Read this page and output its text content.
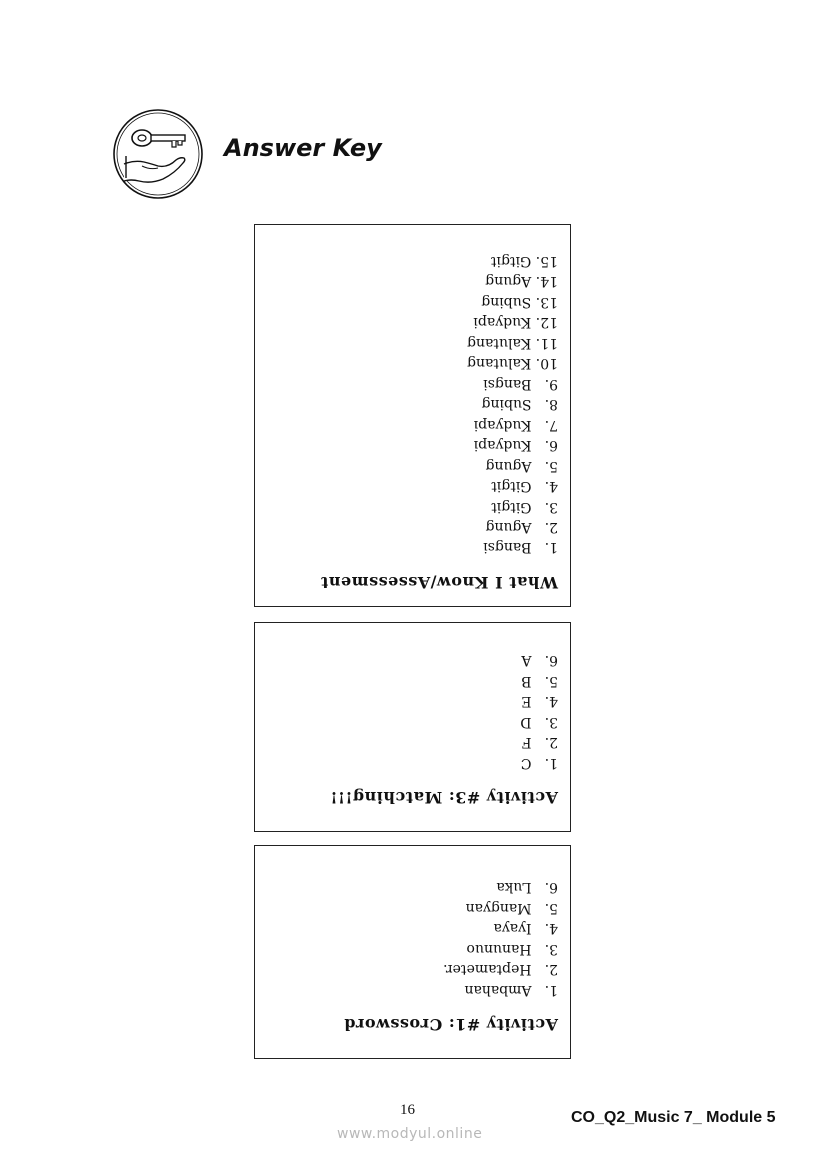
Answer Key
What I Know/Assessment
1. Bangsi
2. Agung
3. Gitgit
4. Gitgit
5. Agung
6. Kudyapi
7. Kudyapi
8. Subing
9. Bangsi
10. Kalutang
11. Kalutang
12. Kudyapi
13. Subing
14. Agung
15. Gitgit
Activity #3: Matching!!!
1. C
2. F
3. D
4. E
5. B
6. A
Activity #1: Crossword
1. Ambahan
2. Heptameter.
3. Hanunuo
4. Iyaya
5. Mangyan
6. Luka
16	CO_Q2_Music 7_ Module 5
www.modyul.online
